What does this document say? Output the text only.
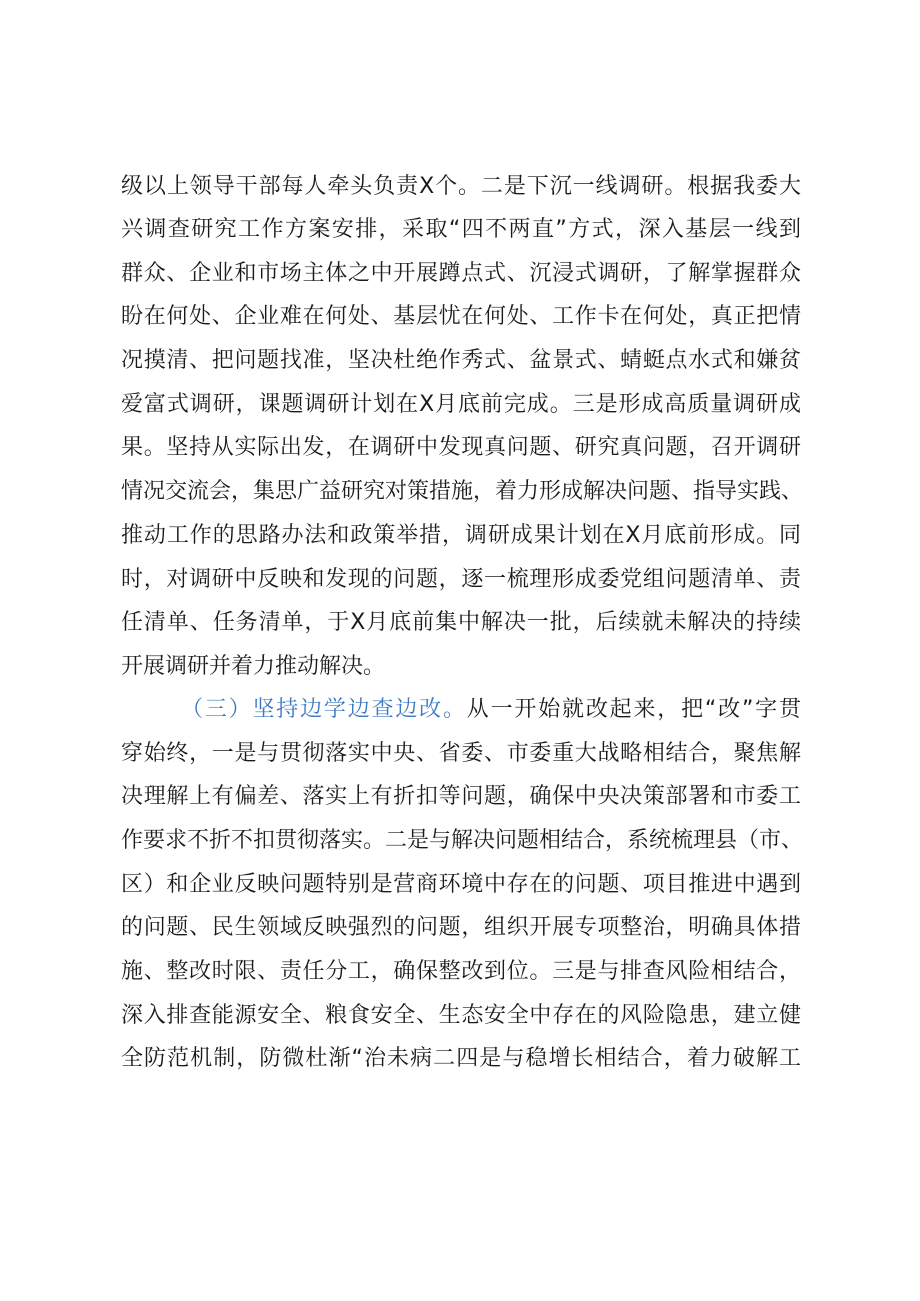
级以上领导干部每人牵头负责X个。二是下沉一线调研。根据我委大
兴调查研究工作方案安排，采取“四不两直”方式，深入基层一线到
群众、企业和市场主体之中开展蹲点式、沉浸式调研，了解掌握群众
盼在何处、企业难在何处、基层忧在何处、工作卡在何处，真正把情
况摸清、把问题找准，坚决杜绝作秀式、盆景式、蜻蜓点水式和嫌贫
爱富式调研，课题调研计划在X月底前完成。三是形成高质量调研成
果。坚持从实际出发，在调研中发现真问题、研究真问题，召开调研
情况交流会，集思广益研究对策措施，着力形成解决问题、指导实践、
推动工作的思路办法和政策举措，调研成果计划在X月底前形成。同
时，对调研中反映和发现的问题，逐一梳理形成委党组问题清单、责
任清单、任务清单，于X月底前集中解决一批，后续就未解决的持续
开展调研并着力推动解决。
（三）坚持边学边查边改。从一开始就改起来，把“改”字贯
穿始终，一是与贯彻落实中央、省委、市委重大战略相结合，聚焦解
决理解上有偏差、落实上有折扣等问题，确保中央决策部署和市委工
作要求不折不扣贯彻落实。二是与解决问题相结合，系统梳理县（市、
区）和企业反映问题特别是营商环境中存在的问题、项目推进中遇到
的问题、民生领域反映强烈的问题，组织开展专项整治，明确具体措
施、整改时限、责任分工，确保整改到位。三是与排查风险相结合，
深入排查能源安全、粮食安全、生态安全中存在的风险隐患，建立健
全防范机制，防微杜渐“治未病二四是与稳增长相结合，着力破解工
